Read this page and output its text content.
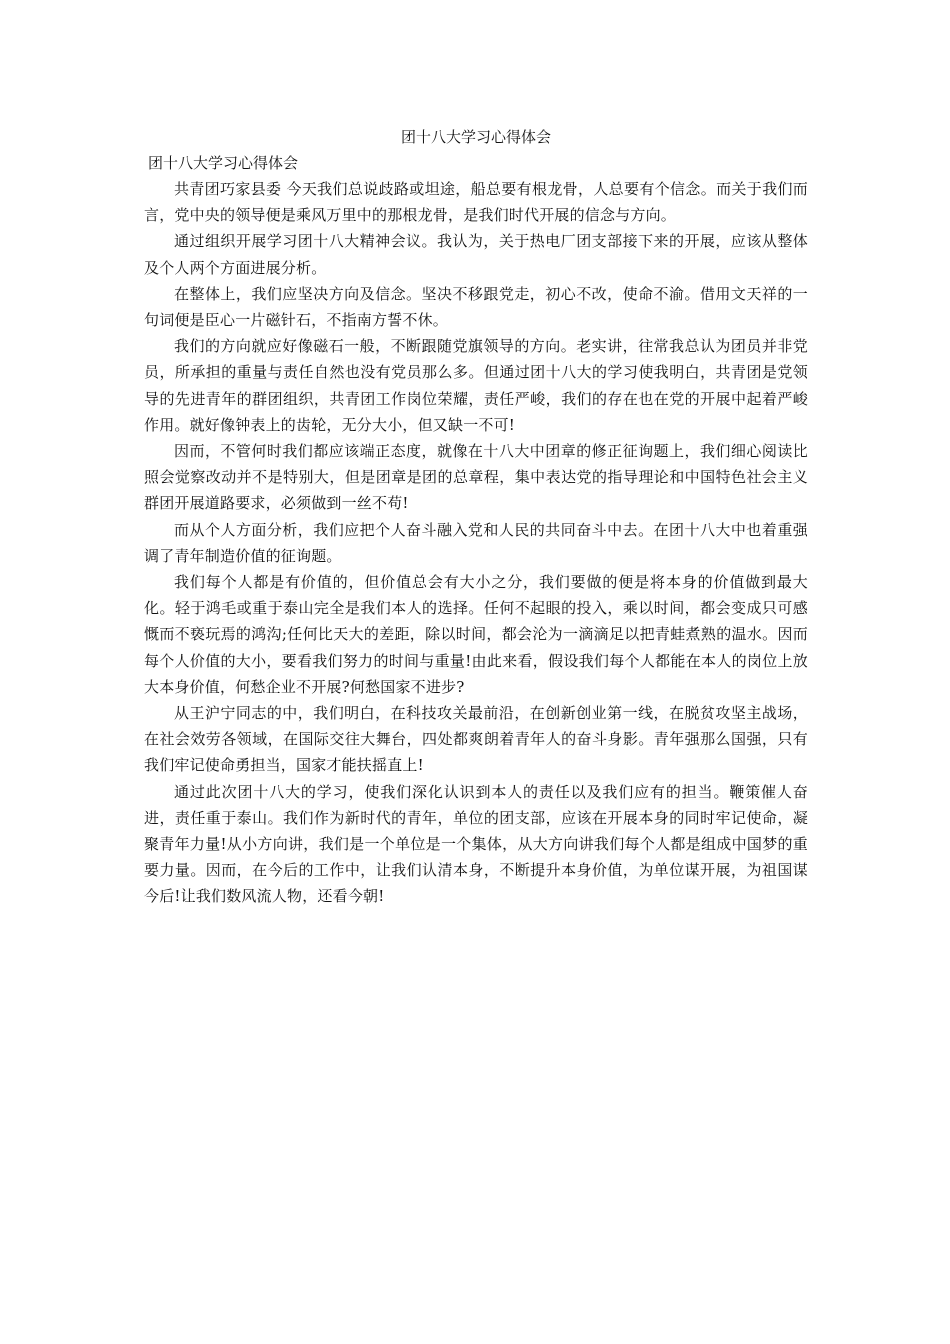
团十八大学习心得体会

团十八大学习心得体会

共青团巧家县委 今天我们总说歧路或坦途，船总要有根龙骨，人总要有个信念。而关于我们而言，党中央的领导便是乘风万里中的那根龙骨，是我们时代开展的信念与方向。

通过组织开展学习团十八大精神会议。我认为，关于热电厂团支部接下来的开展，应该从整体及个人两个方面进展分析。

在整体上，我们应坚决方向及信念。坚决不移跟党走，初心不改，使命不渝。借用文天祥的一句词便是臣心一片磁针石，不指南方誓不休。

我们的方向就应好像磁石一般，不断跟随党旗领导的方向。老实讲，往常我总认为团员并非党员，所承担的重量与责任自然也没有党员那么多。但通过团十八大的学习使我明白，共青团是党领导的先进青年的群团组织，共青团工作岗位荣耀，责任严峻，我们的存在也在党的开展中起着严峻作用。就好像钟表上的齿轮，无分大小，但又缺一不可!

因而，不管何时我们都应该端正态度，就像在十八大中团章的修正征询题上，我们细心阅读比照会觉察改动并不是特别大，但是团章是团的总章程，集中表达党的指导理论和中国特色社会主义群团开展道路要求，必须做到一丝不苟!

而从个人方面分析，我们应把个人奋斗融入党和人民的共同奋斗中去。在团十八大中也着重强调了青年制造价值的征询题。

我们每个人都是有价值的，但价值总会有大小之分，我们要做的便是将本身的价值做到最大化。轻于鸿毛或重于泰山完全是我们本人的选择。任何不起眼的投入，乘以时间，都会变成只可感慨而不亵玩焉的鸿沟;任何比天大的差距，除以时间，都会沦为一滴滴足以把青蛙煮熟的温水。因而每个人价值的大小，要看我们努力的时间与重量!由此来看，假设我们每个人都能在本人的岗位上放大本身价值，何愁企业不开展?何愁国家不进步?

从王沪宁同志的中，我们明白，在科技攻关最前沿，在创新创业第一线，在脱贫攻坚主战场，在社会效劳各领域，在国际交往大舞台，四处都爽朗着青年人的奋斗身影。青年强那么国强，只有我们牢记使命勇担当，国家才能扶摇直上!

通过此次团十八大的学习，使我们深化认识到本人的责任以及我们应有的担当。鞭策催人奋进，责任重于泰山。我们作为新时代的青年，单位的团支部，应该在开展本身的同时牢记使命，凝聚青年力量!从小方向讲，我们是一个单位是一个集体，从大方向讲我们每个人都是组成中国梦的重要力量。因而，在今后的工作中，让我们认清本身，不断提升本身价值，为单位谋开展，为祖国谋今后!让我们数风流人物，还看今朝!
